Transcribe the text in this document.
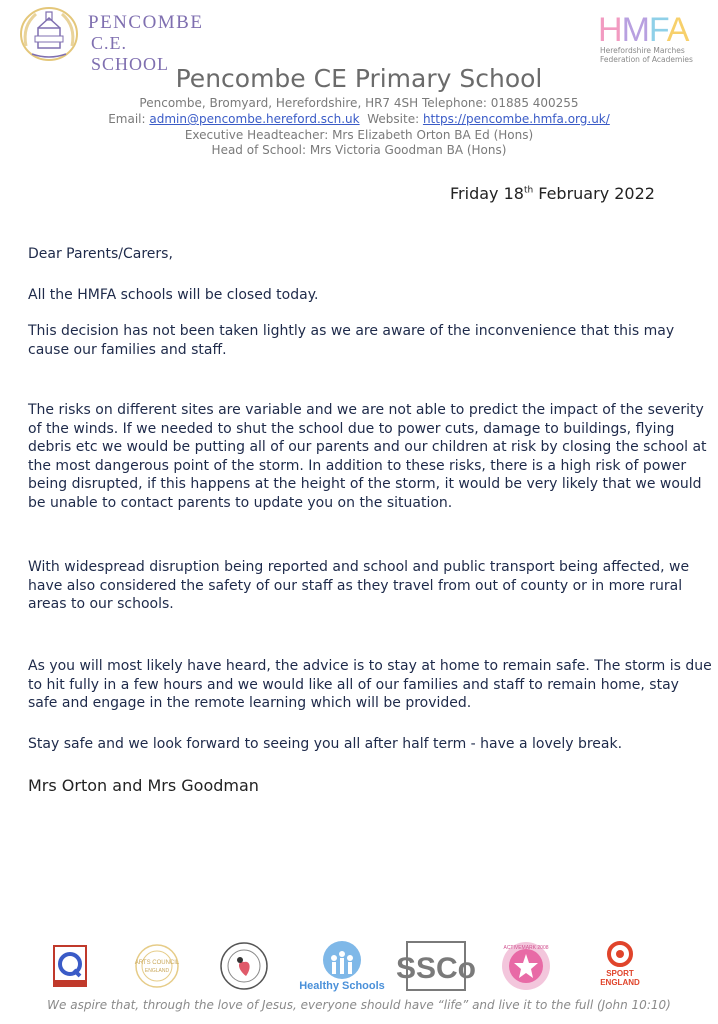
PENCOMBE
C.E. SCHOOL
HMFA
Herefordshire Marches
Federation of Academies
Pencombe CE Primary School
Pencombe, Bromyard, Herefordshire, HR7 4SH Telephone: 01885 400255
Email: admin@pencombe.hereford.sch.uk Website: https://pencombe.hmfa.org.uk/
Executive Headteacher: Mrs Elizabeth Orton BA Ed (Hons)
Head of School: Mrs Victoria Goodman BA (Hons)
Friday 18th February 2022
Dear Parents/Carers,
All the HMFA schools will be closed today.
This decision has not been taken lightly as we are aware of the inconvenience that this may cause our families and staff.
The risks on different sites are variable and we are not able to predict the impact of the severity of the winds. If we needed to shut the school due to power cuts, damage to buildings, flying debris etc we would be putting all of our parents and our children at risk by closing the school at the most dangerous point of the storm. In addition to these risks, there is a high risk of power being disrupted, if this happens at the height of the storm, it would be very likely that we would be unable to contact parents to update you on the situation.
With widespread disruption being reported and school and public transport being affected, we have also considered the safety of our staff as they travel from out of county or in more rural areas to our schools.
As you will most likely have heard, the advice is to stay at home to remain safe. The storm is due to hit fully in a few hours and we would like all of our families and staff to remain home, stay safe and engage in the remote learning which will be provided.
Stay safe and we look forward to seeing you all after half term - have a lovely break.
Mrs Orton and Mrs Goodman
ARTS COUNCIL
ENGLAND
Healthy Schools
SSCo
ACTIVEMARK 2008
SPORT
ENGLAND
We aspire that, through the love of Jesus, everyone should have “life” and live it to the full (John 10:10)
